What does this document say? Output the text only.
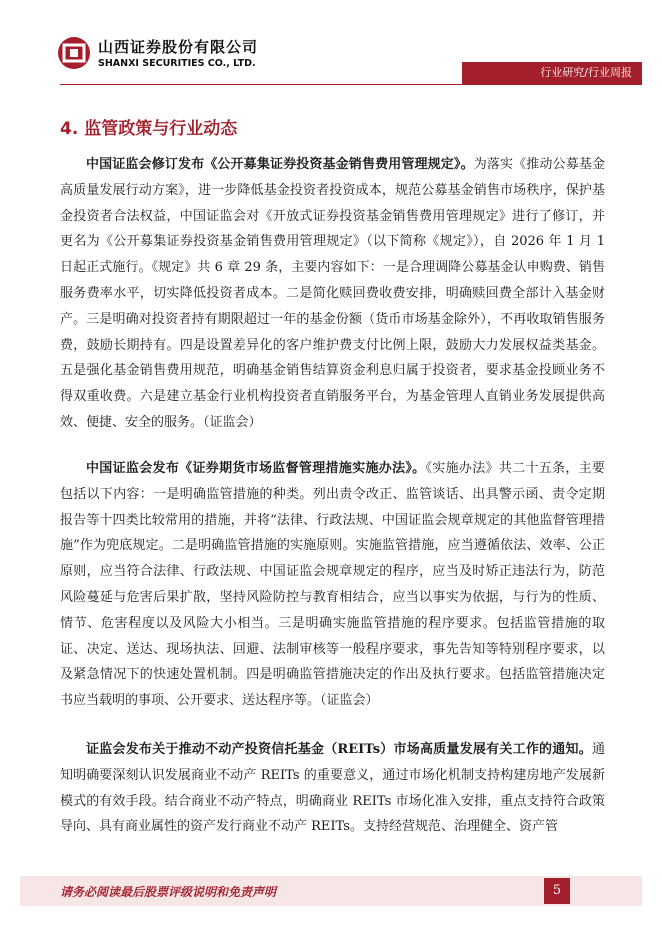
山西证券股份有限公司
SHANXI SECURITIES CO., LTD.
行业研究/行业周报
4. 监管政策与行业动态
中国证监会修订发布《公开募集证券投资基金销售费用管理规定》。为落实《推动公募基金高质量发展行动方案》，进一步降低基金投资者投资成本，规范公募基金销售市场秩序，保护基金投资者合法权益，中国证监会对《开放式证券投资基金销售费用管理规定》进行了修订，并更名为《公开募集证券投资基金销售费用管理规定》（以下简称《规定》），自 2026 年 1 月 1 日起正式施行。《规定》共 6 章 29 条，主要内容如下：一是合理调降公募基金认申购费、销售服务费率水平，切实降低投资者成本。二是简化赎回费收费安排，明确赎回费全部计入基金财产。三是明确对投资者持有期限超过一年的基金份额（货币市场基金除外），不再收取销售服务费，鼓励长期持有。四是设置差异化的客户维护费支付比例上限，鼓励大力发展权益类基金。五是强化基金销售费用规范，明确基金销售结算资金利息归属于投资者，要求基金投顾业务不得双重收费。六是建立基金行业机构投资者直销服务平台，为基金管理人直销业务发展提供高效、便捷、安全的服务。（证监会）
中国证监会发布《证券期货市场监督管理措施实施办法》。《实施办法》共二十五条，主要包括以下内容：一是明确监管措施的种类。列出责令改正、监管谈话、出具警示函、责令定期报告等十四类比较常用的措施，并将“法律、行政法规、中国证监会规章规定的其他监督管理措施”作为兜底规定。二是明确监管措施的实施原则。实施监管措施，应当遵循依法、效率、公正原则，应当符合法律、行政法规、中国证监会规章规定的程序，应当及时矫正违法行为，防范风险蔓延与危害后果扩散，坚持风险防控与教育相结合，应当以事实为依据，与行为的性质、情节、危害程度以及风险大小相当。三是明确实施监管措施的程序要求。包括监管措施的取证、决定、送达、现场执法、回避、法制审核等一般程序要求，事先告知等特别程序要求，以及紧急情况下的快速处置机制。四是明确监管措施决定的作出及执行要求。包括监管措施决定书应当载明的事项、公开要求、送达程序等。（证监会）
证监会发布关于推动不动产投资信托基金（REITs）市场高质量发展有关工作的通知。通知明确要深刻认识发展商业不动产 REITs 的重要意义，通过市场化机制支持构建房地产发展新模式的有效手段。结合商业不动产特点，明确商业 REITs 市场化准入安排，重点支持符合政策导向、具有商业属性的资产发行商业不动产 REITs。支持经营规范、治理健全、资产管
请务必阅读最后股票评级说明和免责声明	5
